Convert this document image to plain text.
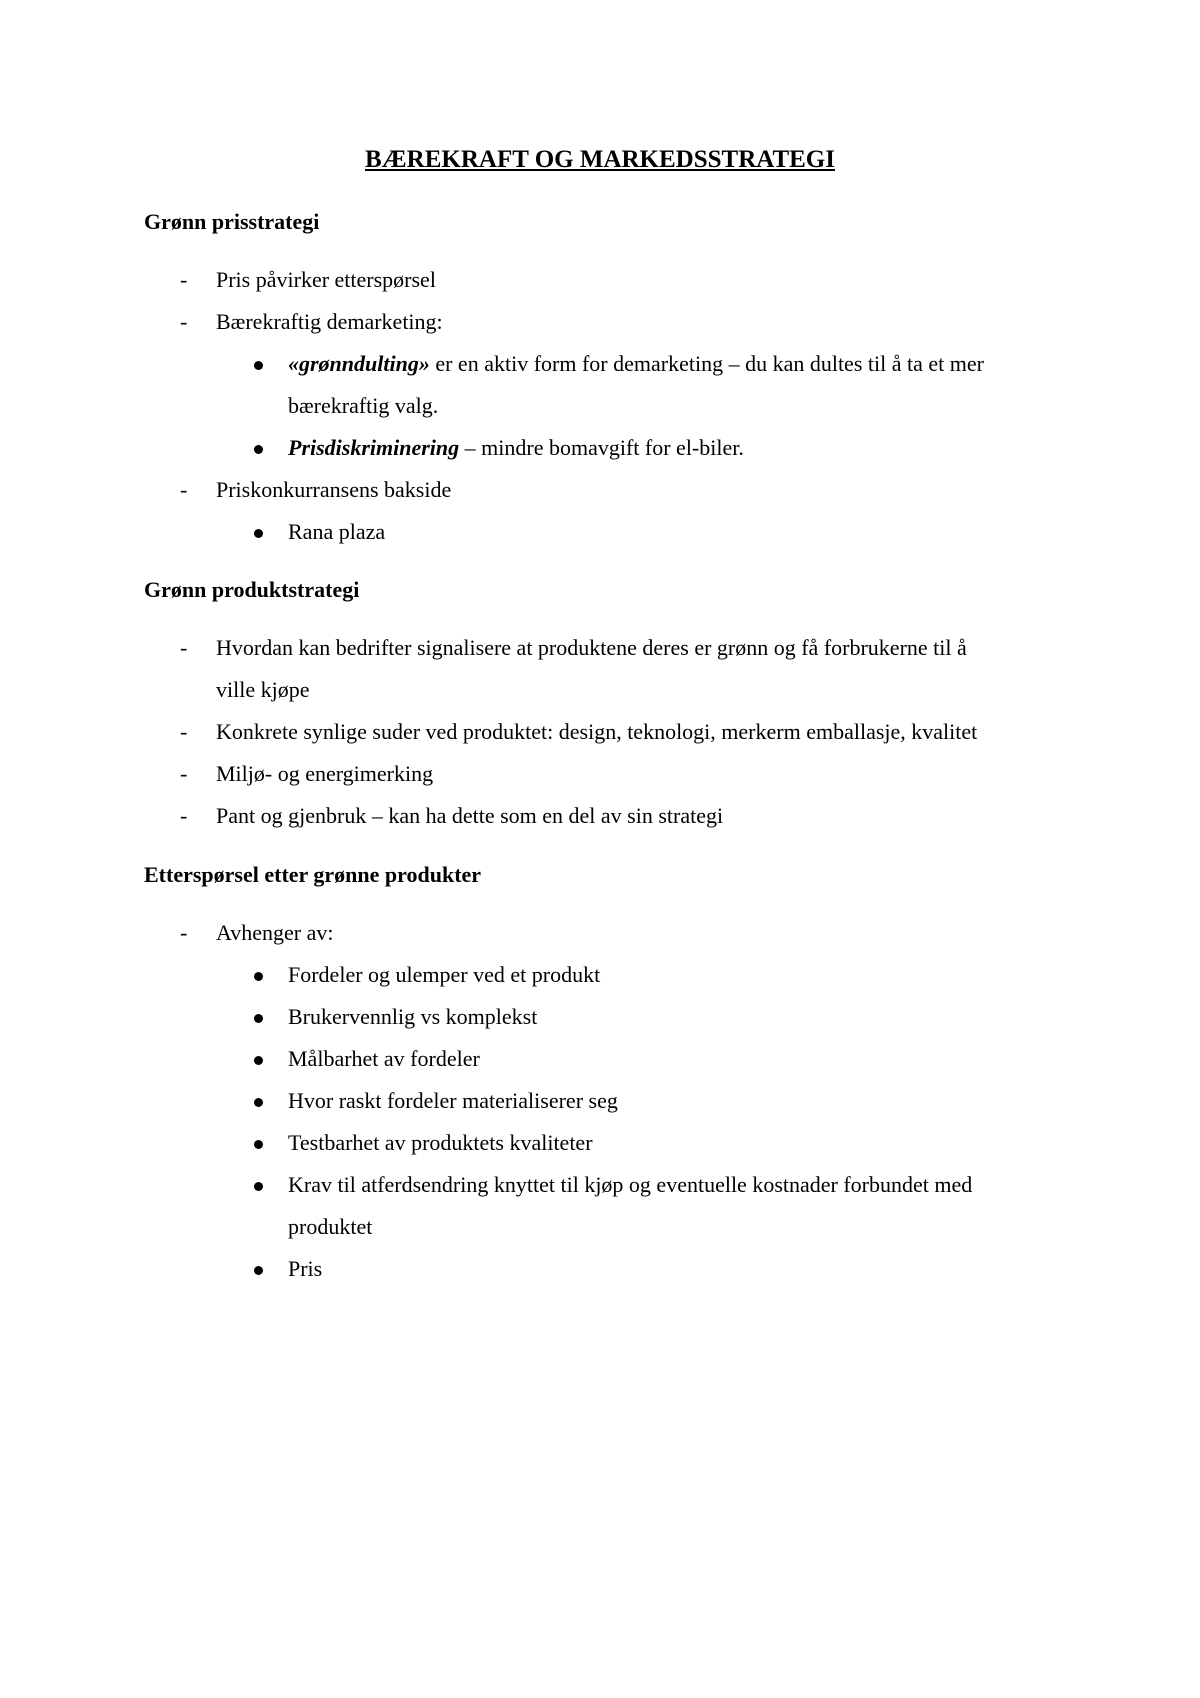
BÆREKRAFT OG MARKEDSSTRATEGI
Grønn prisstrategi
- Pris påvirker etterspørsel
- Bærekraftig demarketing:
«grønndulting» er en aktiv form for demarketing – du kan dultes til å ta et mer
bærekraftig valg.
Prisdiskriminering – mindre bomavgift for el-biler.
- Priskonkurransens bakside
Rana plaza
Grønn produktstrategi
- Hvordan kan bedrifter signalisere at produktene deres er grønn og få forbrukerne til å
ville kjøpe
- Konkrete synlige suder ved produktet: design, teknologi, merkerm emballasje, kvalitet
- Miljø- og energimerking
- Pant og gjenbruk – kan ha dette som en del av sin strategi
Etterspørsel etter grønne produkter
- Avhenger av:
Fordeler og ulemper ved et produkt
Brukervennlig vs komplekst
Målbarhet av fordeler
Hvor raskt fordeler materialiserer seg
Testbarhet av produktets kvaliteter
Krav til atferdsendring knyttet til kjøp og eventuelle kostnader forbundet med
produktet
Pris
